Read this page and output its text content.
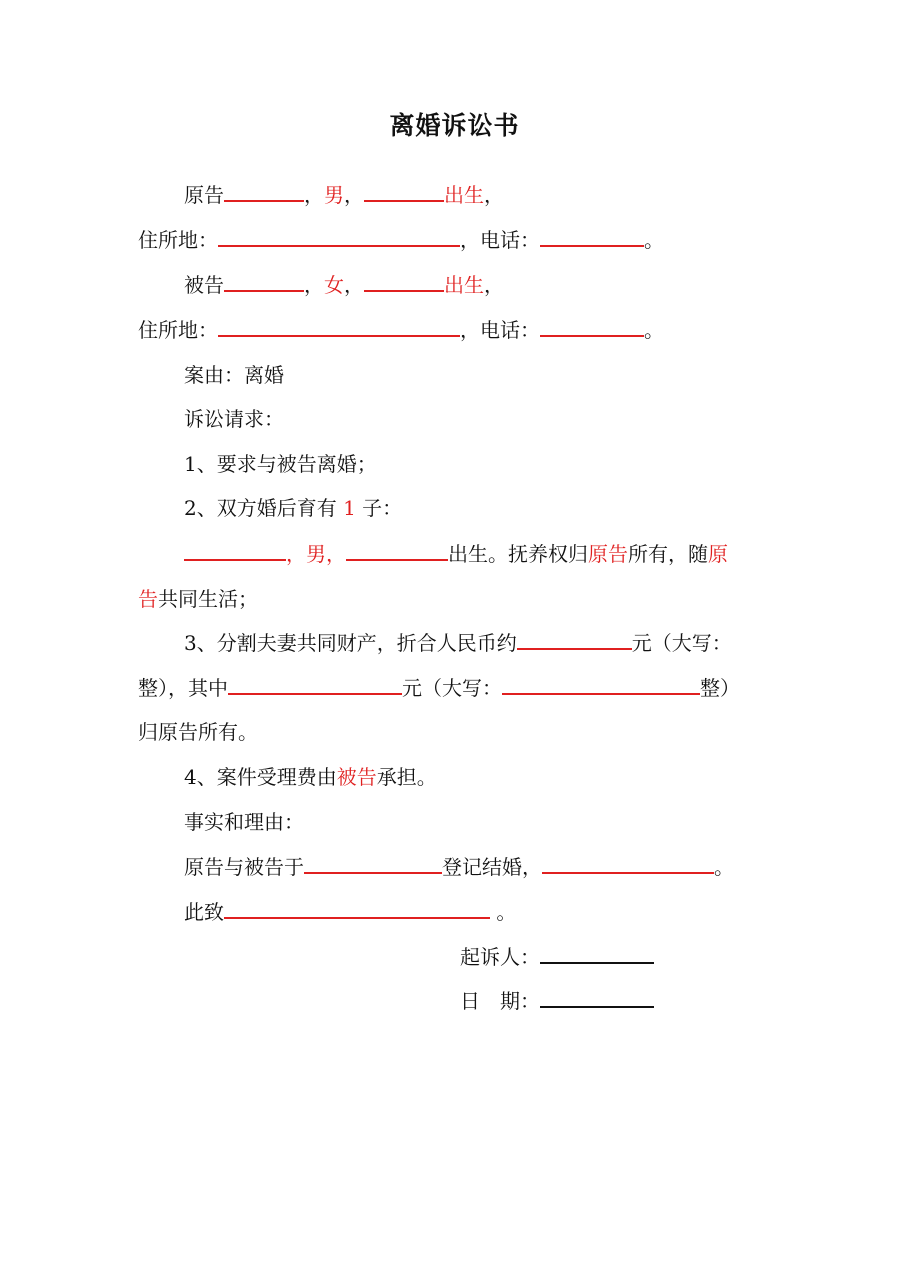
离婚诉讼书
原告	，男，	出生，
住所地：	，电话：	。
被告	，女，	出生，
住所地：	，电话：	。
案由：离婚
诉讼请求：
1、要求与被告离婚；
2、双方婚后育有 1 子：
，男，	出生。抚养权归原告所有，随原
告共同生活；
3、分割夫妻共同财产，折合人民币约	元（大写：
整），其中	元（大写：	整）
归原告所有。
4、案件受理费由被告承担。
事实和理由：
原告与被告于	登记结婚，	。
此致	。
起诉人：
日　期：
